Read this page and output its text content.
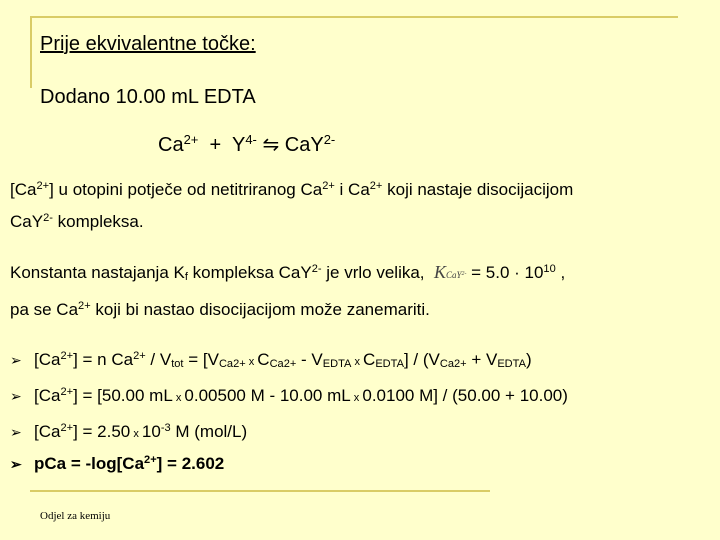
Prije ekvivalentne točke:
Dodano 10.00 mL EDTA
$Ca^{2+} + Y^{4-}$ ⇋ CaY$^{2-}$
$[Ca^{2+}]$ u otopini potječe od netitriranog $Ca^{2+}$ i $Ca^{2+}$ koji nastaje disocijacijom
CaY$^{2-}$ kompleksa.
Konstanta nastajanja $K_f$ kompleksa CaY$^{2-}$ je vrlo velika, KCaY$^{2-}$ = $5.0 \cdot 10^{10}$ ,
pa se $Ca^{2+}$ koji bi nastao disocijacijom može zanemariti.
➢ $[Ca^{2+}] = n$ $Ca^{2+} / V_{tot} = [V_{Ca2+}$ x $C_{Ca2+} - V_{EDTA}$ x $C_{EDTA}] / (V_{Ca2+} + V_{EDTA})$
➢ $[Ca^{2+}] = [50.00$ mL x 0.00500 M - 10.00 mL x 0.0100 M] / (50.00 + 10.00)
➢ $[Ca^{2+}] = 2.50$ x $10^{-3}$ M (mol/L)
➢ pCa = $-\log[Ca^{2+}] = 2.602$
Odjel za kemiju
